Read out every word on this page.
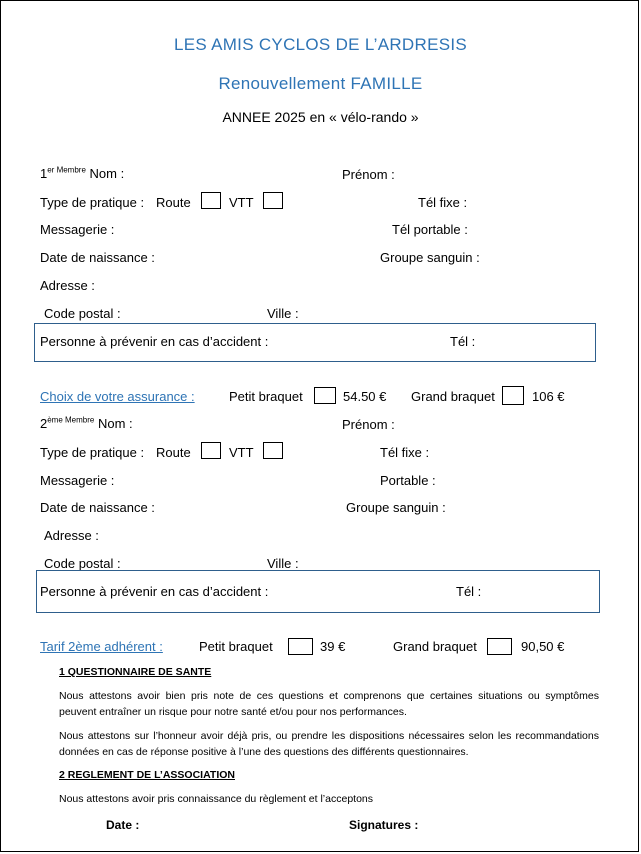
LES AMIS CYCLOS DE L’ARDRESIS
Renouvellement FAMILLE
ANNEE 2025 en « vélo-rando »
$1^{er Membre}$ Nom :	Prénom :
Type de pratique : Route	VTT	Tél fixe :
Messagerie :	Tél portable :
Date de naissance :	Groupe sanguin :
Adresse :
Code postal :	Ville :
Personne à prévenir en cas d’accident :	Tél :
Choix de votre assurance :	Petit braquet	54.50 € Grand braquet	106 €
$2^{ème Membre}$ Nom :	Prénom :
Type de pratique : Route	VTT	Tél fixe :
Messagerie :	Portable :
Date de naissance :	Groupe sanguin :
Adresse :
Code postal :	Ville :
Personne à prévenir en cas d’accident :	Tél :
Tarif 2ème adhérent :	Petit braquet	39 €	Grand braquet	90,50 €
1 QUESTIONNAIRE DE SANTE
Nous attestons avoir bien pris note de ces questions et comprenons que certaines situations ou symptômes peuvent entraîner un risque pour notre santé et/ou pour nos performances.
Nous attestons sur l’honneur avoir déjà pris, ou prendre les dispositions nécessaires selon les recommandations données en cas de réponse positive à l’une des questions des différents questionnaires.
2 REGLEMENT DE L’ASSOCIATION
Nous attestons avoir pris connaissance du règlement et l’acceptons
Date :	Signatures :
